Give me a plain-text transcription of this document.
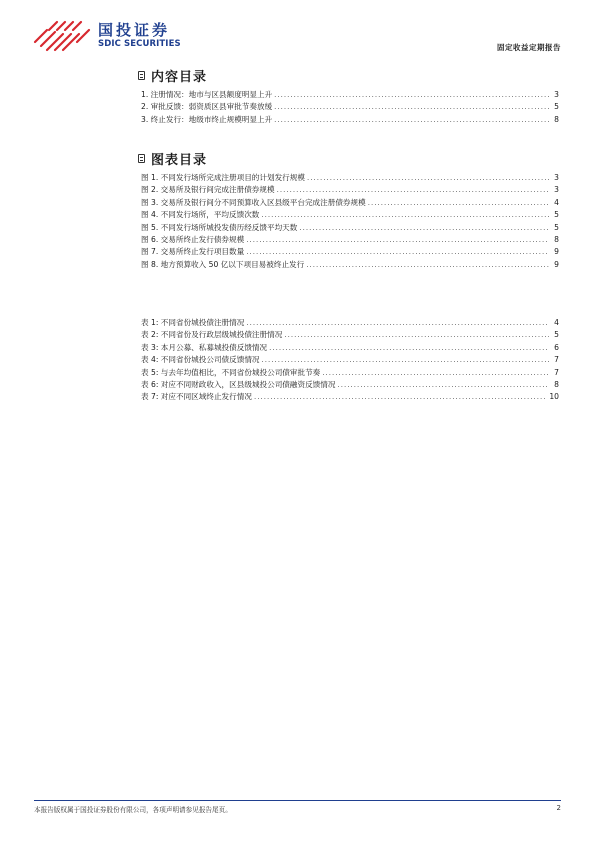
国投证券
SDIC SECURITIES	固定收益定期报告
内容目录
1. 注册情况：地市与区县额度明显上升 . . .	3
2. 审批反馈：弱资质区县审批节奏放缓 . . .	5
3. 终止发行：地级市终止规模明显上升 . . .	8
图表目录
图 1. 不同发行场所完成注册项目的计划发行规模 . . .	3
图 2. 交易所及银行间完成注册债券规模 . . .	3
图 3. 交易所及银行间分不同预算收入区县级平台完成注册债券规模 . . .	4
图 4. 不同发行场所，平均反馈次数 . . .	5
图 5. 不同发行场所城投发债历经反馈平均天数 . . .	5
图 6. 交易所终止发行债券规模 . . .	8
图 7. 交易所终止发行项目数量 . . .	9
图 8. 地方预算收入 50 亿以下项目易被终止发行 . . .	9
表 1: 不同省份城投债注册情况 . . .	4
表 2: 不同省份及行政层级城投债注册情况 . . .	5
表 3: 本月公募、私募城投债反馈情况 . . .	6
表 4: 不同省份城投公司债反馈情况 . . .	7
表 5: 与去年均值相比，不同省份城投公司债审批节奏 . . .	7
表 6: 对应不同财政收入，区县级城投公司债融资反馈情况 . . .	8
表 7: 对应不同区域终止发行情况 . . .	10
本报告版权属于国投证券股份有限公司，各项声明请参见报告尾页。	2
